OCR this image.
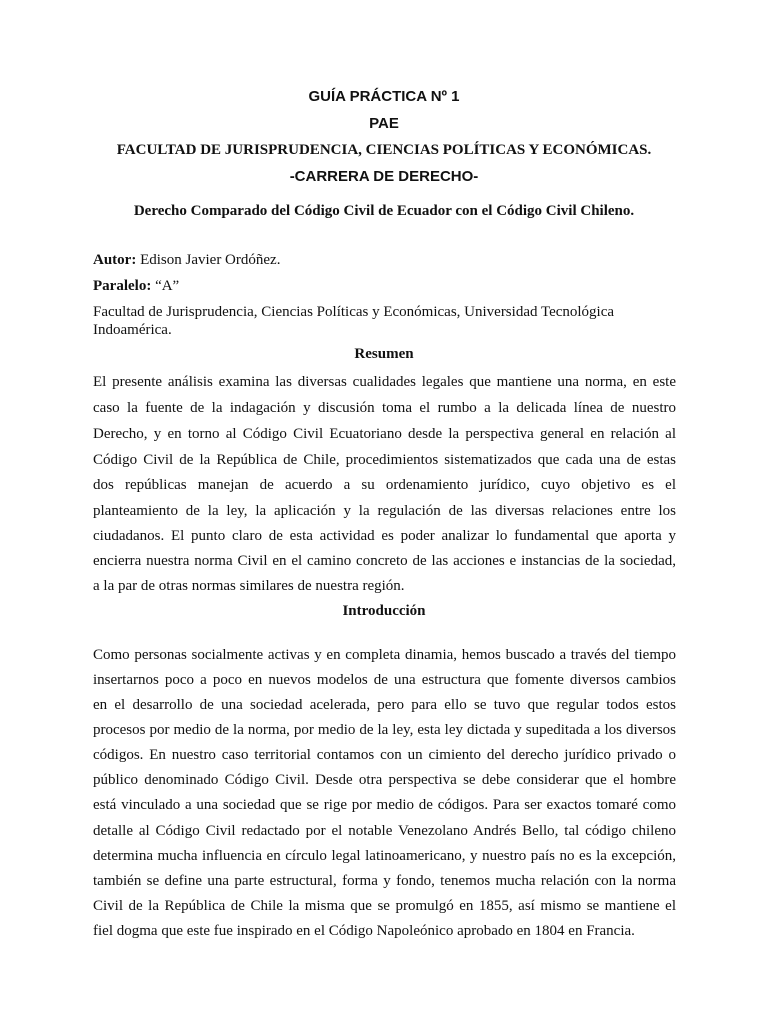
GUÍA PRÁCTICA Nº 1
PAE
FACULTAD DE JURISPRUDENCIA, CIENCIAS POLÍTICAS Y ECONÓMICAS.
-CARRERA DE DERECHO-
Derecho Comparado del Código Civil de Ecuador con el Código Civil Chileno.
Autor: Edison Javier Ordóñez.
Paralelo: “A”
Facultad de Jurisprudencia, Ciencias Políticas y Económicas, Universidad Tecnológica
Indoamérica.
Resumen
El presente análisis examina las diversas cualidades legales que mantiene una norma, en este
caso la fuente de la indagación y discusión toma el rumbo a la delicada línea de nuestro
Derecho, y en torno al Código Civil Ecuatoriano desde la perspectiva general en relación al
Código Civil de la República de Chile, procedimientos sistematizados que cada una de estas
dos repúblicas manejan de acuerdo a su ordenamiento jurídico, cuyo objetivo es el
planteamiento de la ley, la aplicación y la regulación de las diversas relaciones entre los
ciudadanos. El punto claro de esta actividad es poder analizar lo fundamental que aporta y
encierra nuestra norma Civil en el camino concreto de las acciones e instancias de la sociedad,
a la par de otras normas similares de nuestra región.
Introducción
Como personas socialmente activas y en completa dinamia, hemos buscado a través del tiempo
insertarnos poco a poco en nuevos modelos de una estructura que fomente diversos cambios
en el desarrollo de una sociedad acelerada, pero para ello se tuvo que regular todos estos
procesos por medio de la norma, por medio de la ley, esta ley dictada y supeditada a los diversos
códigos. En nuestro caso territorial contamos con un cimiento del derecho jurídico privado o
público denominado Código Civil. Desde otra perspectiva se debe considerar que el hombre
está vinculado a una sociedad que se rige por medio de códigos. Para ser exactos tomaré como
detalle al Código Civil redactado por el notable Venezolano Andrés Bello, tal código chileno
determina mucha influencia en círculo legal latinoamericano, y nuestro país no es la excepción,
también se define una parte estructural, forma y fondo, tenemos mucha relación con la norma
Civil de la República de Chile la misma que se promulgó en 1855, así mismo se mantiene el
fiel dogma que este fue inspirado en el Código Napoleónico aprobado en 1804 en Francia.
